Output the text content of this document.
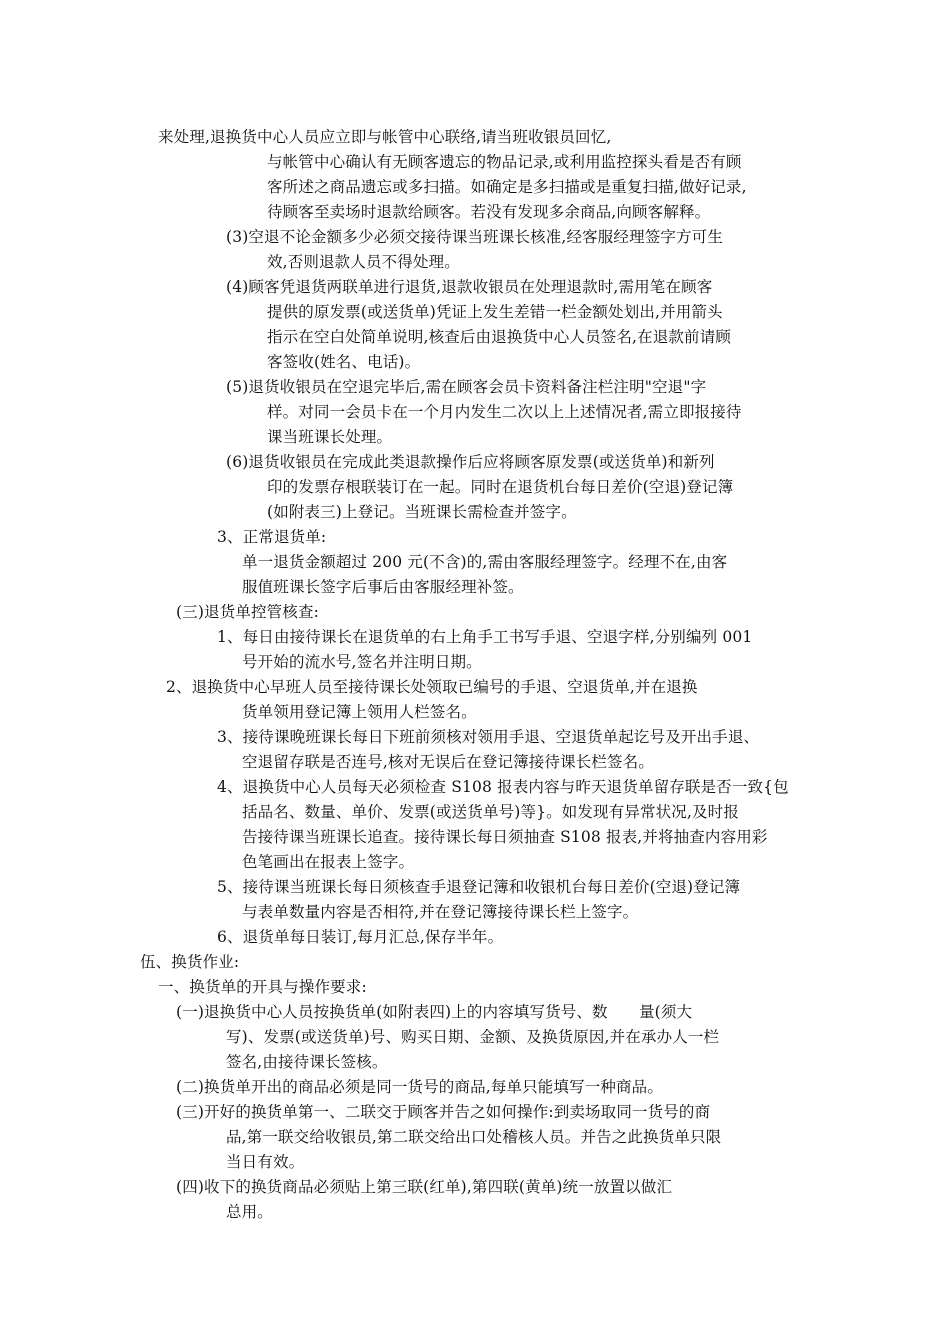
来处理,退换货中心人员应立即与帐管中心联络,请当班收银员回忆,
与帐管中心确认有无顾客遗忘的物品记录,或利用监控探头看是否有顾
客所述之商品遗忘或多扫描。如确定是多扫描或是重复扫描,做好记录,
待顾客至卖场时退款给顾客。若没有发现多余商品,向顾客解释。
(3)空退不论金额多少必须交接待课当班课长核准,经客服经理签字方可生
效,否则退款人员不得处理。
(4)顾客凭退货两联单进行退货,退款收银员在处理退款时,需用笔在顾客
提供的原发票(或送货单)凭证上发生差错一栏金额处划出,并用箭头
指示在空白处简单说明,核查后由退换货中心人员签名,在退款前请顾
客签收(姓名、电话)。
(5)退货收银员在空退完毕后,需在顾客会员卡资料备注栏注明"空退"字
样。对同一会员卡在一个月内发生二次以上上述情况者,需立即报接待
课当班课长处理。
(6)退货收银员在完成此类退款操作后应将顾客原发票(或送货单)和新列
印的发票存根联装订在一起。同时在退货机台每日差价(空退)登记簿
(如附表三)上登记。当班课长需检查并签字。
3、正常退货单:
单一退货金额超过 200 元(不含)的,需由客服经理签字。经理不在,由客
服值班课长签字后事后由客服经理补签。
(三)退货单控管核查:
1、每日由接待课长在退货单的右上角手工书写手退、空退字样,分别编列 001
号开始的流水号,签名并注明日期。
2、退换货中心早班人员至接待课长处领取已编号的手退、空退货单,并在退换
货单领用登记簿上领用人栏签名。
3、接待课晚班课长每日下班前须核对领用手退、空退货单起讫号及开出手退、
空退留存联是否连号,核对无误后在登记簿接待课长栏签名。
4、退换货中心人员每天必须检查 S108 报表内容与昨天退货单留存联是否一致{包
括品名、数量、单价、发票(或送货单号)等}。如发现有异常状况,及时报
告接待课当班课长追查。接待课长每日须抽查 S108 报表,并将抽查内容用彩
色笔画出在报表上签字。
5、接待课当班课长每日须核查手退登记簿和收银机台每日差价(空退)登记簿
与表单数量内容是否相符,并在登记簿接待课长栏上签字。
6、退货单每日装订,每月汇总,保存半年。
伍、换货作业:
一、换货单的开具与操作要求:
(一)退换货中心人员按换货单(如附表四)上的内容填写货号、数　　量(须大
写)、发票(或送货单)号、购买日期、金额、及换货原因,并在承办人一栏
签名,由接待课长签核。
(二)换货单开出的商品必须是同一货号的商品,每单只能填写一种商品。
(三)开好的换货单第一、二联交于顾客并告之如何操作:到卖场取同一货号的商
品,第一联交给收银员,第二联交给出口处稽核人员。并告之此换货单只限
当日有效。
(四)收下的换货商品必须贴上第三联(红单),第四联(黄单)统一放置以做汇
总用。
